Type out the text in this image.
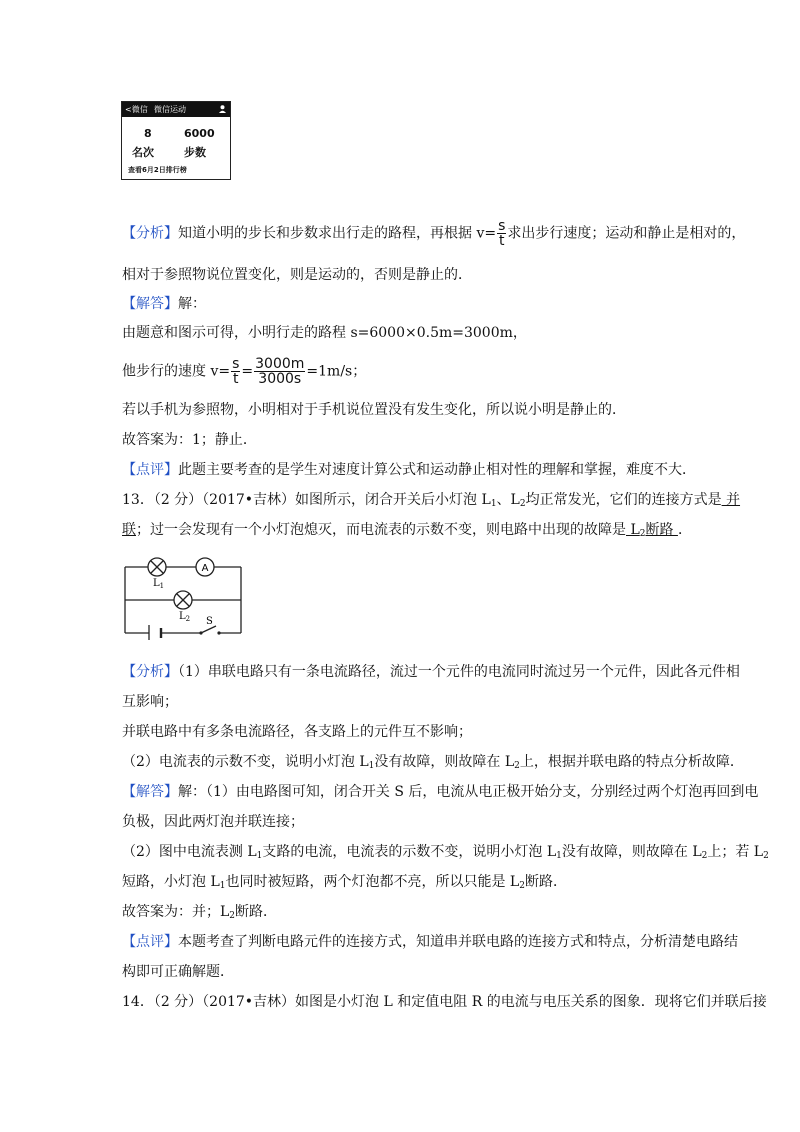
<微信 微信运动
8	6000
名次	步数
查看6月2日排行榜
【分析】知道小明的步长和步数求出行走的路程，再根据 $v= \frac{s}{t}$ 求出步行速度；运动和静止是相对的，
相对于参照物说位置变化，则是运动的，否则是静止的．
【解答】解：
由题意和图示可得，小明行走的路程 s=6000×0.5m=3000m，
他步行的速度 $v= \frac{s}{t} = \frac{3000m}{3000s} =1m/s$；
若以手机为参照物，小明相对于手机说位置没有发生变化，所以说小明是静止的．
故答案为：1；静止．
【点评】此题主要考查的是学生对速度计算公式和运动静止相对性的理解和掌握，难度不大．
13．（2 分）（2017•吉林）如图所示，闭合开关后小灯泡 $L_1$、$L_2$均正常发光，它们的连接方式是 并
联；过一会发现有一个小灯泡熄灭，而电流表的示数不变，则电路中出现的故障是 $L_2$断路 ．
A
$L_1$
$L_2$ S
【分析】（1）串联电路只有一条电流路径，流过一个元件的电流同时流过另一个元件，因此各元件相
互影响；
并联电路中有多条电流路径，各支路上的元件互不影响；
（2）电流表的示数不变，说明小灯泡 $L_1$没有故障，则故障在 $L_2$上，根据并联电路的特点分析故障．
【解答】解：（1）由电路图可知，闭合开关 S 后，电流从电正极开始分支，分别经过两个灯泡再回到电
负极，因此两灯泡并联连接；
（2）图中电流表测 $L_1$支路的电流，电流表的示数不变，说明小灯泡 $L_1$没有故障，则故障在 $L_2$上；若 $L_2$
短路，小灯泡 $L_1$也同时被短路，两个灯泡都不亮，所以只能是 $L_2$断路．
故答案为：并；$L_2$断路．
【点评】本题考查了判断电路元件的连接方式，知道串并联电路的连接方式和特点，分析清楚电路结
构即可正确解题．
14．（2 分）（2017•吉林）如图是小灯泡 L 和定值电阻 R 的电流与电压关系的图象．现将它们并联后接
